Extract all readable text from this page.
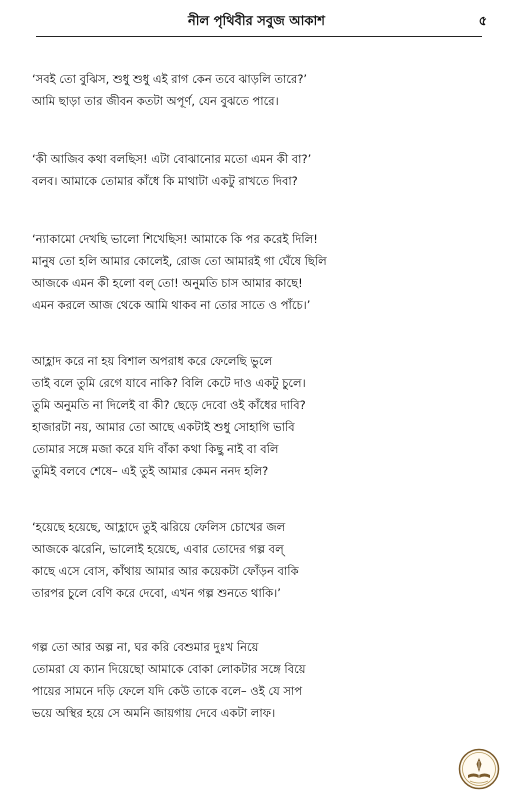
নীল পৃথিবীর সবুজ আকাশ	৫
‘সবই তো বুঝিস, শুধু শুধু এই রাগ কেন তবে ঝাড়লি তারে?’
আমি ছাড়া তার জীবন কতটা অপূর্ণ, যেন বুঝতে পারে।
‘কী আজিব কথা বলছিস! এটা বোঝানোর মতো এমন কী বা?’
বলব। আমাকে তোমার কাঁধে কি মাথাটা একটু রাখতে দিবা?
‘ন্যাকামো দেখছি ভালো শিখেছিস! আমাকে কি পর করেই দিলি!
মানুষ তো হলি আমার কোলেই, রোজ তো আমারই গা ঘেঁষে ছিলি
আজকে এমন কী হলো বল্ তো! অনুমতি চাস আমার কাছে!
এমন করলে আজ থেকে আমি থাকব না তোর সাতে ও পাঁচে।’
আহ্লাদ করে না হয় বিশাল অপরাধ করে ফেলেছি ভুলে
তাই বলে তুমি রেগে যাবে নাকি? বিলি কেটে দাও একটু চুলে।
তুমি অনুমতি না দিলেই বা কী? ছেড়ে দেবো ওই কাঁধের দাবি?
হাজারটা নয়, আমার তো আছে একটাই শুধু সোহাগি ভাবি
তোমার সঙ্গে মজা করে যদি বাঁকা কথা কিছু নাই বা বলি
তুমিই বলবে শেষে– এই তুই আমার কেমন ননদ হলি?
‘হয়েছে হয়েছে, আহ্লাদে তুই ঝরিয়ে ফেলিস চোখের জল
আজকে ঝরেনি, ভালোই হয়েছে, এবার তোদের গল্প বল্
কাছে এসে বোস, কাঁথায় আমার আর কয়েকটা ফোঁড়ন বাকি
তারপর চুলে বেণি করে দেবো, এখন গল্প শুনতে থাকি।’
গল্প তো আর অল্প না, ঘর করি বেশুমার দুঃখ নিয়ে
তোমরা যে ক্যান দিয়েছো আমাকে বোকা লোকটার সঙ্গে বিয়ে
পায়ের সামনে দড়ি ফেলে যদি কেউ তাকে বলে– ওই যে সাপ
ভয়ে অস্থির হয়ে সে অমনি জায়গায় দেবে একটা লাফ।
